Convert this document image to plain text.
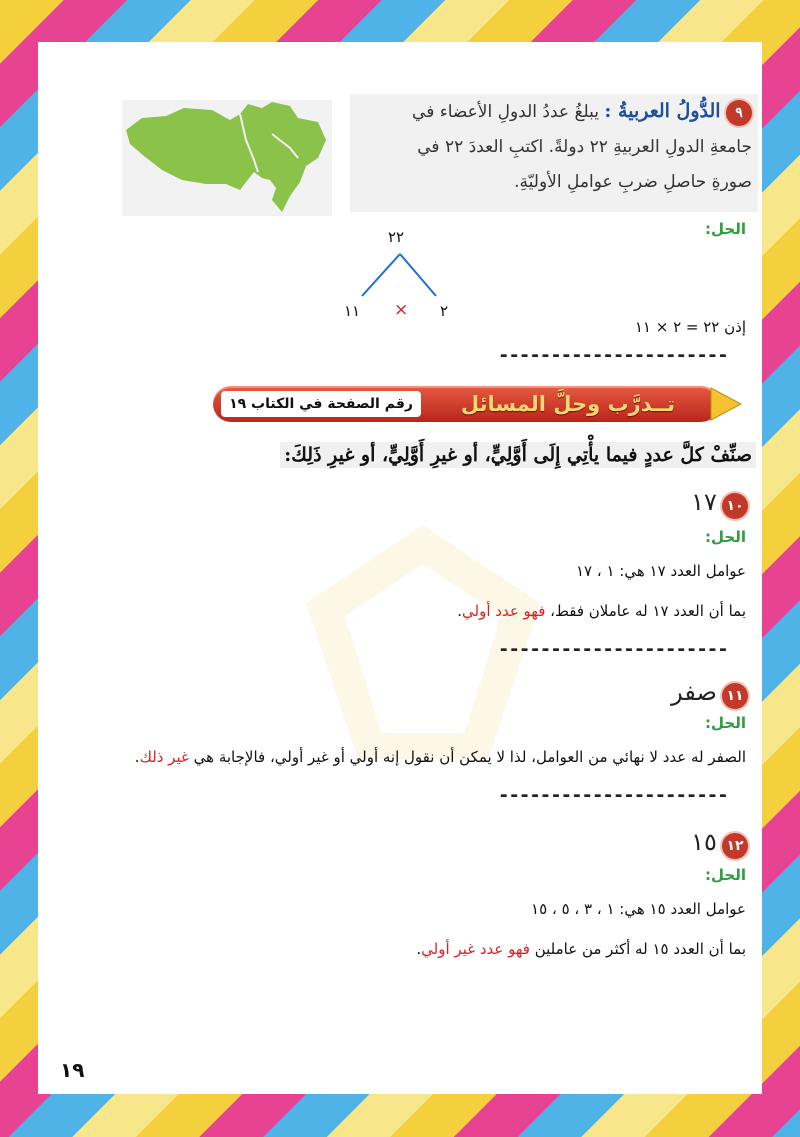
٩ الدُّولُ العربيةُ : يبلغُ عددُ الدولِ الأعضاء في
جامعةِ الدولِ العربيةِ ٢٢ دولةً. اكتبِ العددَ ٢٢ في
صورةِ حاصلِ ضربِ عواملِ الأوليّةِ.
الحل:
٢٢
١١ × ٢
إذن ٢٢ = ٢ × ١١
----------------------
رقم الصفحة في الكتاب ١٩	تــدرَّب وحلَّ المسائل
صنِّفْ كلَّ عددٍ فيما يأْتِي إِلَى أَوَّلِيٍّ، أو غيرِ أَوَّلِيٍّ، أو غيرِ ذَلِكَ:
١٠ ١٧
الحل:
عوامل العدد ١٧ هي: ١ ، ١٧
بما أن العدد ١٧ له عاملان فقط، فهو عدد أولي.
----------------------
١١ صفر
الحل:
الصفر له عدد لا نهائي من العوامل، لذا لا يمكن أن نقول إنه أولي أو غير أولي، فالإجابة هي غير ذلك.
----------------------
١٢ ١٥
الحل:
عوامل العدد ١٥ هي: ١ ، ٣ ، ٥ ، ١٥
بما أن العدد ١٥ له أكثر من عاملين فهو عدد غير أولي.
١٩
